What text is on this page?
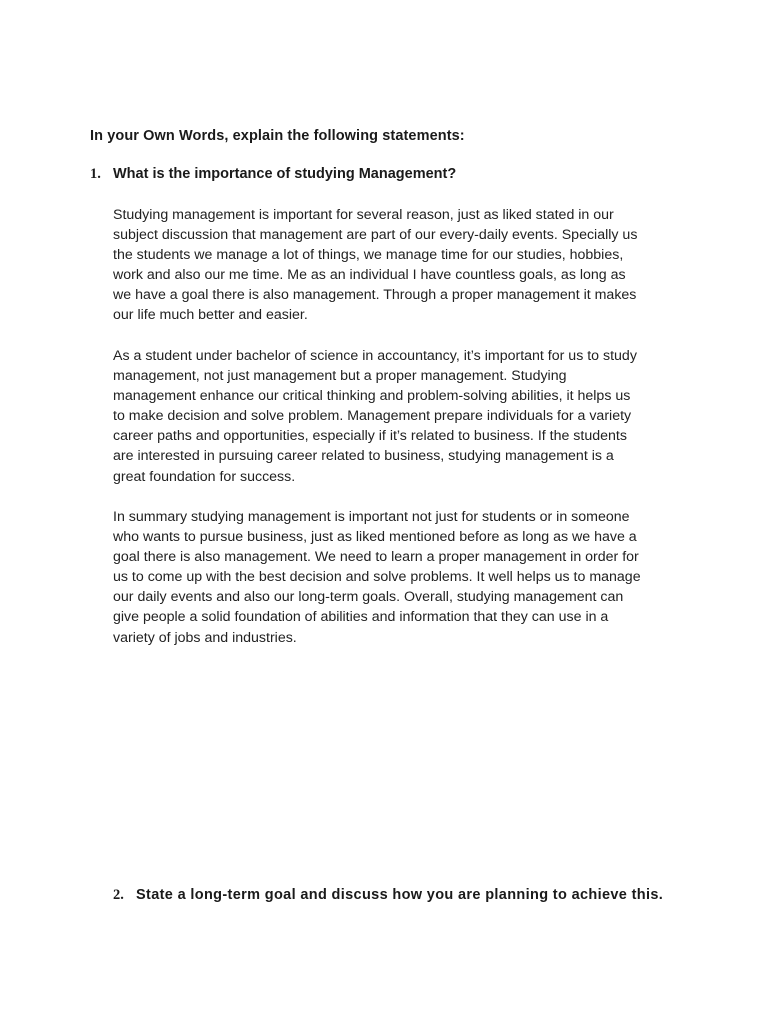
In your Own Words, explain the following statements:

1. What is the importance of studying Management?

Studying management is important for several reason, just as liked stated in our
subject discussion that management are part of our every-daily events. Specially us
the students we manage a lot of things, we manage time for our studies, hobbies,
work and also our me time. Me as an individual I have countless goals, as long as
we have a goal there is also management. Through a proper management it makes
our life much better and easier.

As a student under bachelor of science in accountancy, it’s important for us to study
management, not just management but a proper management. Studying
management enhance our critical thinking and problem-solving abilities, it helps us
to make decision and solve problem. Management prepare individuals for a variety
career paths and opportunities, especially if it’s related to business. If the students
are interested in pursuing career related to business, studying management is a
great foundation for success.

In summary studying management is important not just for students or in someone
who wants to pursue business, just as liked mentioned before as long as we have a
goal there is also management. We need to learn a proper management in order for
us to come up with the best decision and solve problems. It well helps us to manage
our daily events and also our long-term goals. Overall, studying management can
give people a solid foundation of abilities and information that they can use in a
variety of jobs and industries.

2. State a long-term goal and discuss how you are planning to achieve this.
